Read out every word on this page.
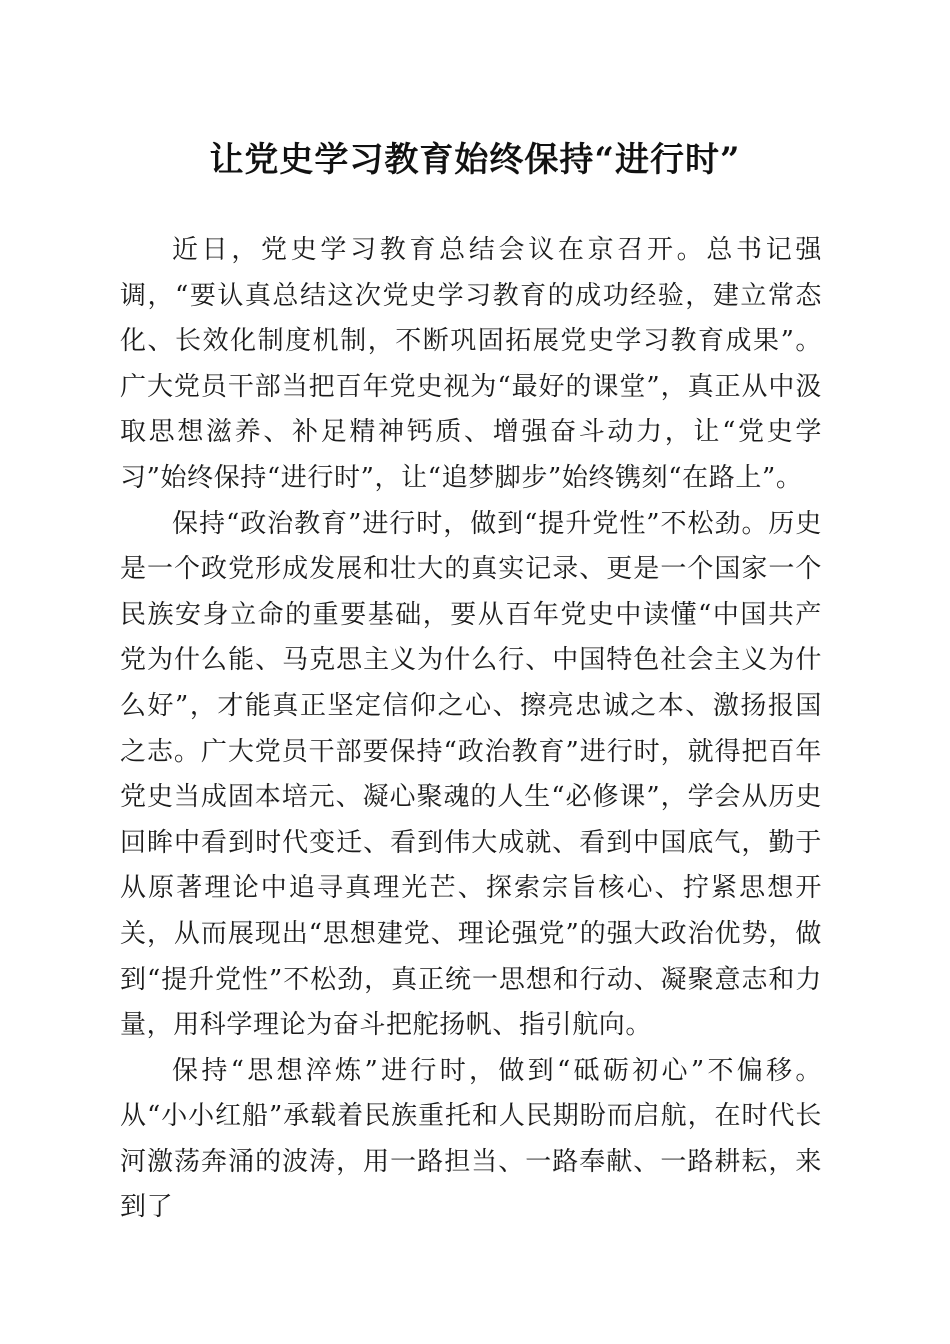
让党史学习教育始终保持“进行时”

近日，党史学习教育总结会议在京召开。总书记强调，“要认真总结这次党史学习教育的成功经验，建立常态化、长效化制度机制，不断巩固拓展党史学习教育成果”。广大党员干部当把百年党史视为“最好的课堂”，真正从中汲取思想滋养、补足精神钙质、增强奋斗动力，让“党史学习”始终保持“进行时”，让“追梦脚步”始终镌刻“在路上”。

保持“政治教育”进行时，做到“提升党性”不松劲。历史是一个政党形成发展和壮大的真实记录、更是一个国家一个民族安身立命的重要基础，要从百年党史中读懂“中国共产党为什么能、马克思主义为什么行、中国特色社会主义为什么好”，才能真正坚定信仰之心、擦亮忠诚之本、激扬报国之志。广大党员干部要保持“政治教育”进行时，就得把百年党史当成固本培元、凝心聚魂的人生“必修课”，学会从历史回眸中看到时代变迁、看到伟大成就、看到中国底气，勤于从原著理论中追寻真理光芒、探索宗旨核心、拧紧思想开关，从而展现出“思想建党、理论强党”的强大政治优势，做到“提升党性”不松劲，真正统一思想和行动、凝聚意志和力量，用科学理论为奋斗把舵扬帆、指引航向。

保持“思想淬炼”进行时，做到“砥砺初心”不偏移。从“小小红船”承载着民族重托和人民期盼而启航，在时代长河激荡奔涌的波涛，用一路担当、一路奉献、一路耕耘，来到了
